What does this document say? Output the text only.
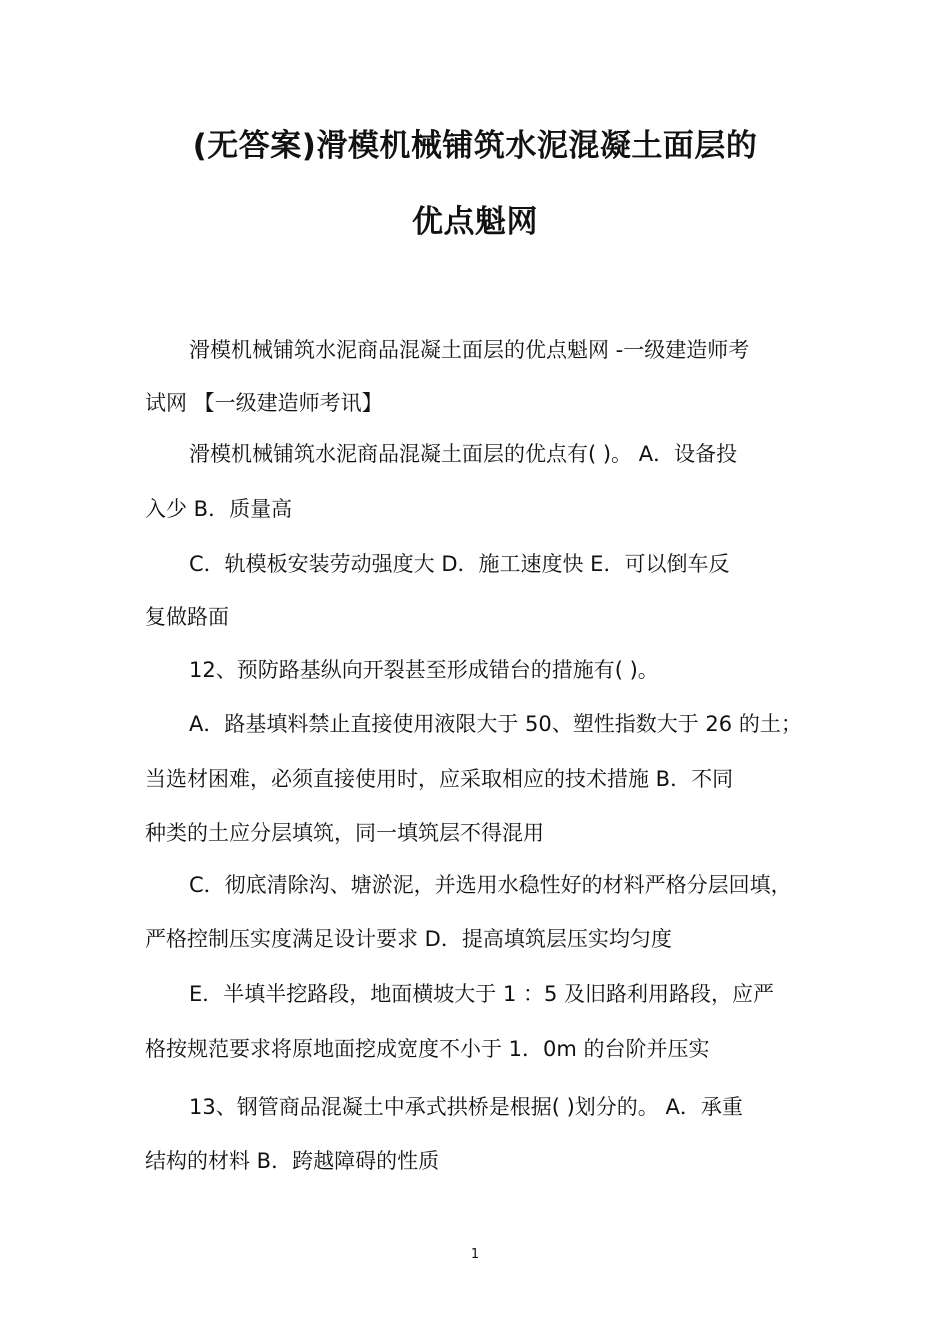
(无答案)滑模机械铺筑水泥混凝土面层的
优点魁网
滑模机械铺筑水泥商品混凝土面层的优点魁网 -一级建造师考
试网 【一级建造师考讯】
滑模机械铺筑水泥商品混凝土面层的优点有( )。 A．设备投
入少 B．质量高
C．轨模板安装劳动强度大 D．施工速度快 E．可以倒车反
复做路面
12、预防路基纵向开裂甚至形成错台的措施有( )。
A．路基填料禁止直接使用液限大于 50、塑性指数大于 26 的土；
当选材困难，必须直接使用时，应采取相应的技术措施 B．不同
种类的土应分层填筑，同一填筑层不得混用
C．彻底清除沟、塘淤泥，并选用水稳性好的材料严格分层回填，
严格控制压实度满足设计要求 D．提高填筑层压实均匀度
E．半填半挖路段，地面横坡大于 1 ：5 及旧路利用路段，应严
格按规范要求将原地面挖成宽度不小于 1．0m 的台阶并压实
13、钢管商品混凝土中承式拱桥是根据( )划分的。 A．承重
结构的材料 B．跨越障碍的性质
1
